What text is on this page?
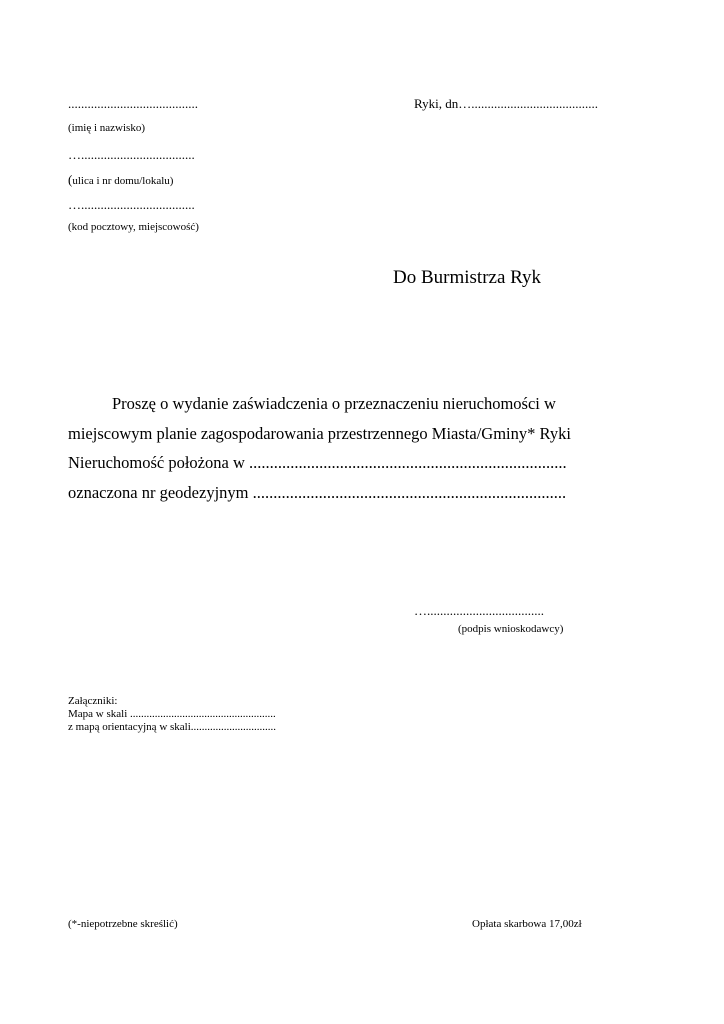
........................................
(imię i nazwisko)
…...................................
(ulica i nr domu/lokalu)
…...................................
(kod pocztowy, miejscowość)
Ryki, dn….......................................
Do Burmistrza Ryk
Proszę o wydanie zaświadczenia o przeznaczeniu nieruchomości w
miejscowym planie zagospodarowania przestrzennego Miasta/Gminy* Ryki
Nieruchomość położona w .............................................................................
oznaczona nr geodezyjnym ............................................................................
…....................................
(podpis wnioskodawcy)
Załączniki:
Mapa w skali .....................................................
z mapą orientacyjną w skali...............................
(*-niepotrzebne skreślić)	Opłata skarbowa 17,00zł
